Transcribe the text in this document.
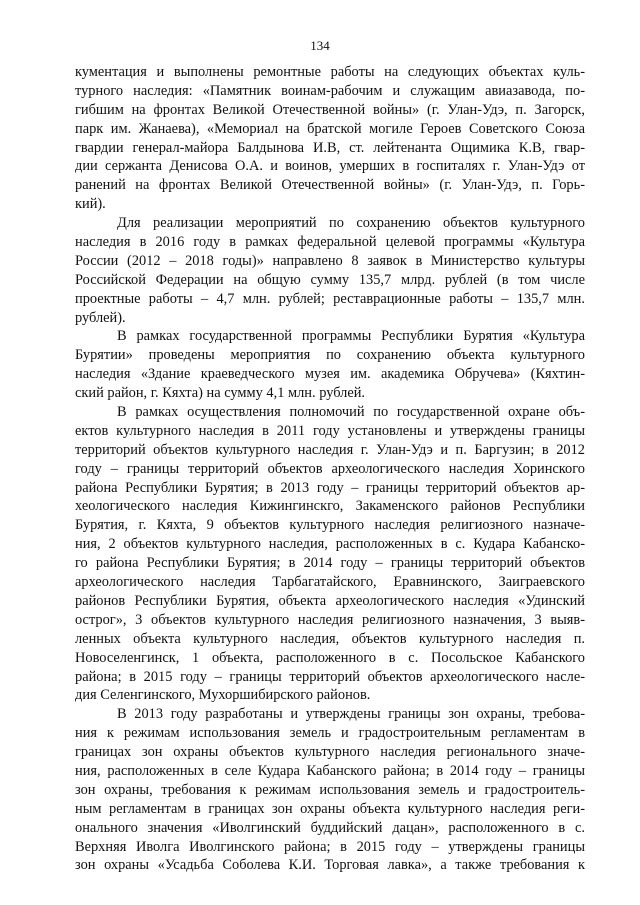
134
кументация и выполнены ремонтные работы на следующих объектах куль-
турного наследия: «Памятник воинам-рабочим и служащим авиазавода, по-
гибшим на фронтах Великой Отечественной войны» (г. Улан-Удэ, п. Загорск,
парк им. Жанаева), «Мемориал на братской могиле Героев Советского Союза
гвардии генерал-майора Балдынова И.В, ст. лейтенанта Ощимика К.В, гвар-
дии сержанта Денисова О.А. и воинов, умерших в госпиталях г. Улан-Удэ от
ранений на фронтах Великой Отечественной войны» (г. Улан-Удэ, п. Горь-
кий).
Для реализации мероприятий по сохранению объектов культурного
наследия в 2016 году в рамках федеральной целевой программы «Культура
России (2012 – 2018 годы)» направлено 8 заявок в Министерство культуры
Российской Федерации на общую сумму 135,7 млрд. рублей (в том числе
проектные работы – 4,7 млн. рублей; реставрационные работы – 135,7 млн.
рублей).
В рамках государственной программы Республики Бурятия «Культура
Бурятии» проведены мероприятия по сохранению объекта культурного
наследия «Здание краеведческого музея им. академика Обручева» (Кяхтин-
ский район, г. Кяхта) на сумму 4,1 млн. рублей.
В рамках осуществления полномочий по государственной охране объ-
ектов культурного наследия в 2011 году установлены и утверждены границы
территорий объектов культурного наследия г. Улан-Удэ и п. Баргузин; в 2012
году – границы территорий объектов археологического наследия Хоринского
района Республики Бурятия; в 2013 году – границы территорий объектов ар-
хеологического наследия Кижингинскго, Закаменского районов Республики
Бурятия, г. Кяхта, 9 объектов культурного наследия религиозного назначе-
ния, 2 объектов культурного наследия, расположенных в с. Кудара Кабанско-
го района Республики Бурятия; в 2014 году – границы территорий объектов
археологического наследия Тарбагатайского, Еравнинского, Заиграевского
районов Республики Бурятия, объекта археологического наследия «Удинский
острог», 3 объектов культурного наследия религиозного назначения, 3 выяв-
ленных объекта культурного наследия, объектов культурного наследия п.
Новоселенгинск, 1 объекта, расположенного в с. Посольское Кабанского
района; в 2015 году – границы территорий объектов археологического насле-
дия Селенгинского, Мухоршибирского районов.
В 2013 году разработаны и утверждены границы зон охраны, требова-
ния к режимам использования земель и градостроительным регламентам в
границах зон охраны объектов культурного наследия регионального значе-
ния, расположенных в селе Кудара Кабанского района; в 2014 году – границы
зон охраны, требования к режимам использования земель и градостроитель-
ным регламентам в границах зон охраны объекта культурного наследия реги-
онального значения «Иволгинский буддийский дацан», расположенного в с.
Верхняя Иволга Иволгинского района; в 2015 году – утверждены границы
зон охраны «Усадьба Соболева К.И. Торговая лавка», а также требования к
